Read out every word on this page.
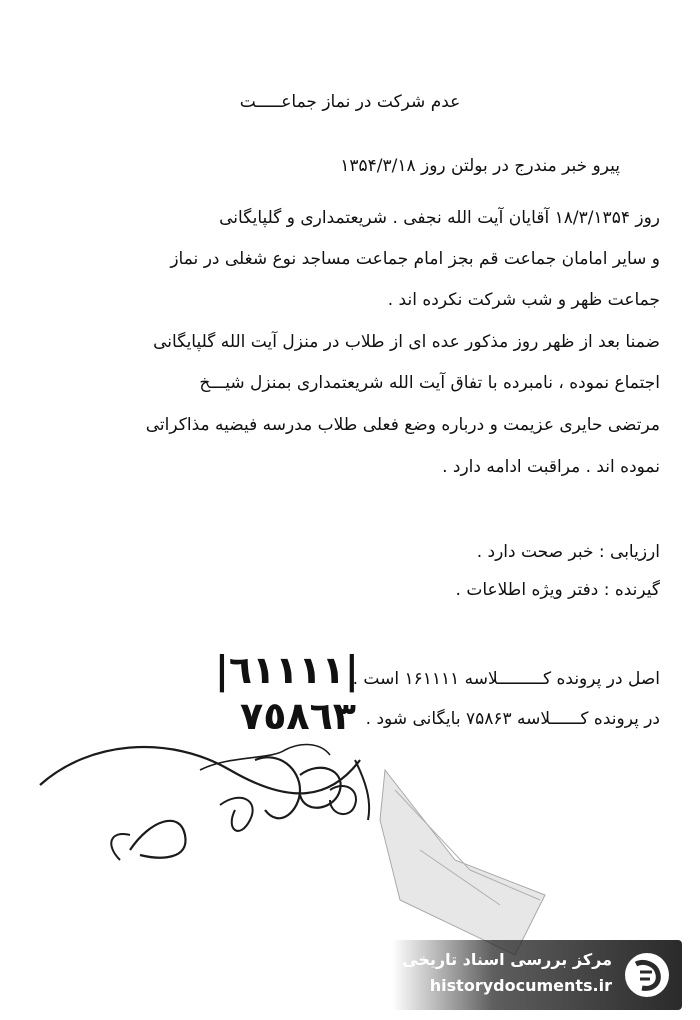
عدم شرکت در نماز جماعـــــت
پیرو خبر مندرج در بولتن روز ۱۳۵۴/۳/۱۸
روز ۱۸/۳/۱۳۵۴ آقایان آیت الله نجفی . شریعتمداری و گلپایگانی
و سایر امامان جماعت قم بجز امام جماعت مساجد نوع شغلی در نماز
جماعت ظهر و شب شرکت نکرده اند .
ضمنا بعد از ظهر روز مذکور عده ای از طلاب در منزل آیت الله گلپایگانی
اجتماع نموده ، نامبرده با تفاق آیت الله شریعتمداری بمنزل شیـــخ
مرتضی حایری عزیمت و درباره وضع فعلی طلاب مدرسه فیضیه مذاکراتی
نموده اند . مراقبت ادامه دارد .
ارزیابی : خبر صحت دارد .
گیرنده : دفتر ویژه اطلاعات .
اصل در پرونده کـــــــــلاسه ۱۶۱۱۱۱ است .
در پرونده کــــــلاسه ۷۵۸۶۳ بایگانی شود .
|٦١١١١|
٧٥٨٦٣
مرکز بررسی اسناد تاریخی
historydocuments.ir
